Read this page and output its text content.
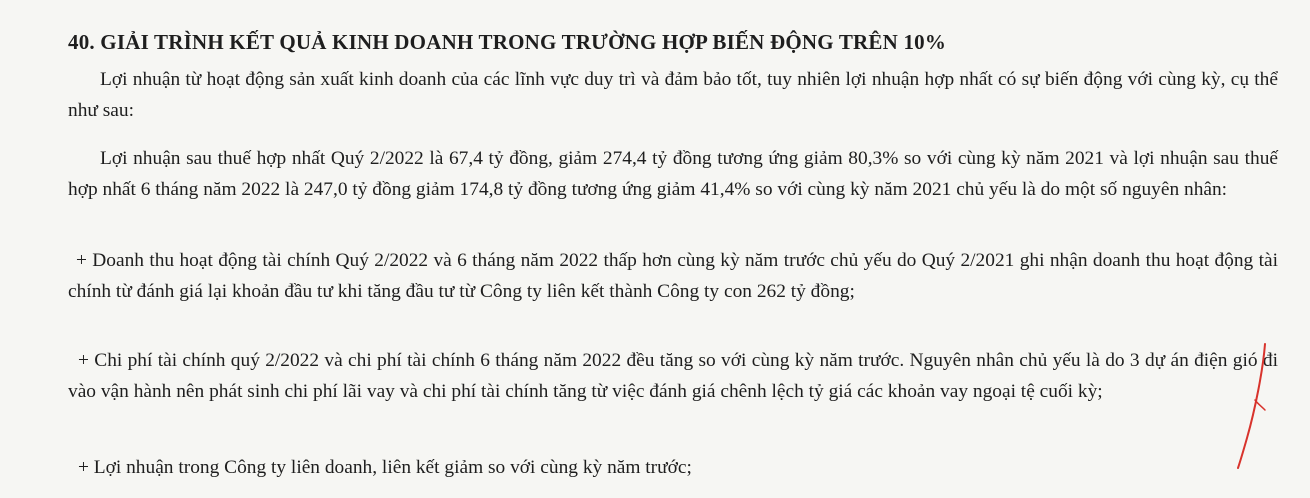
40. GIẢI TRÌNH KẾT QUẢ KINH DOANH TRONG TRƯỜNG HỢP BIẾN ĐỘNG TRÊN 10%

Lợi nhuận từ hoạt động sản xuất kinh doanh của các lĩnh vực duy trì và đảm bảo tốt, tuy nhiên lợi nhuận hợp nhất có sự biến động với cùng kỳ, cụ thể như sau:

Lợi nhuận sau thuế hợp nhất Quý 2/2022 là 67,4 tỷ đồng, giảm 274,4 tỷ đồng tương ứng giảm 80,3% so với cùng kỳ năm 2021 và lợi nhuận sau thuế hợp nhất 6 tháng năm 2022 là 247,0 tỷ đồng giảm 174,8 tỷ đồng tương ứng giảm 41,4% so với cùng kỳ năm 2021 chủ yếu là do một số nguyên nhân:

+ Doanh thu hoạt động tài chính Quý 2/2022 và 6 tháng năm 2022 thấp hơn cùng kỳ năm trước chủ yếu do Quý 2/2021 ghi nhận doanh thu hoạt động tài chính từ đánh giá lại khoản đầu tư khi tăng đầu tư từ Công ty liên kết thành Công ty con 262 tỷ đồng;

+ Chi phí tài chính quý 2/2022 và chi phí tài chính 6 tháng năm 2022 đều tăng so với cùng kỳ năm trước. Nguyên nhân chủ yếu là do 3 dự án điện gió đi vào vận hành nên phát sinh chi phí lãi vay và chi phí tài chính tăng từ việc đánh giá chênh lệch tỷ giá các khoản vay ngoại tệ cuối kỳ;

+ Lợi nhuận trong Công ty liên doanh, liên kết giảm so với cùng kỳ năm trước;
